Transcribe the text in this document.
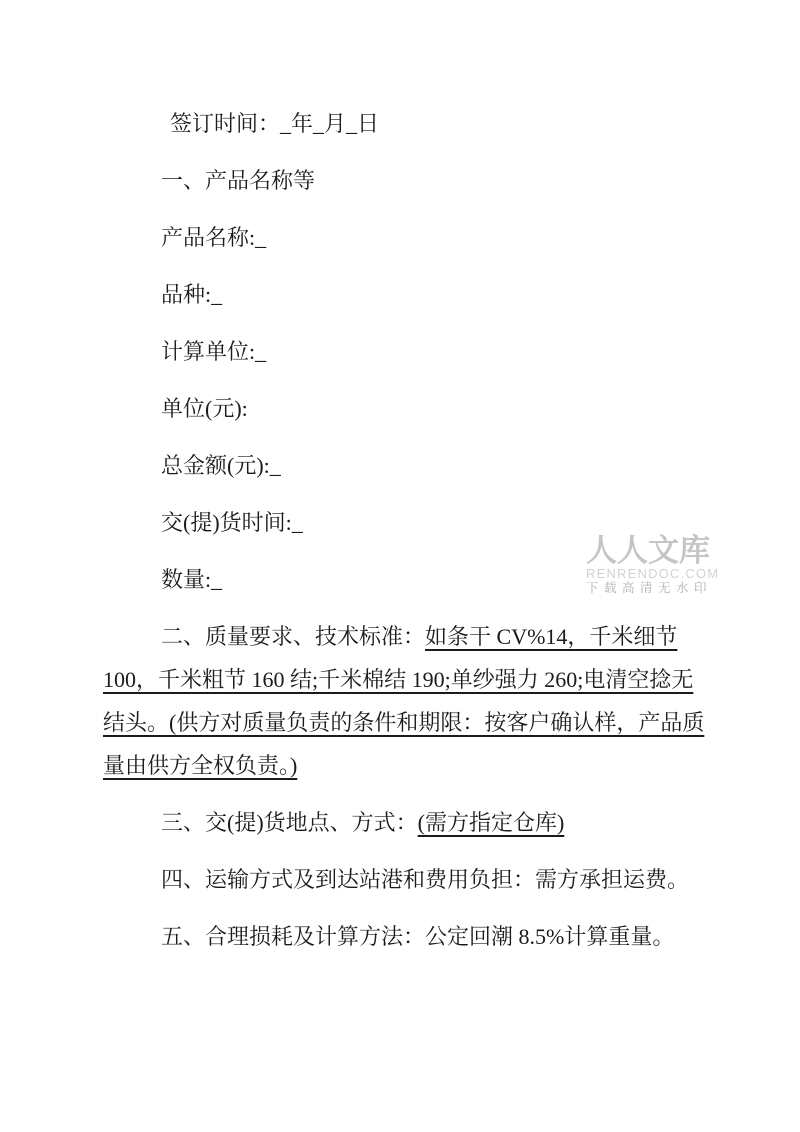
人人文库
RENRENDOC.COM
下载高清无水印

签订时间：_年_月_日

一、产品名称等

产品名称:_

品种:_

计算单位:_

单位(元):

总金额(元):_

交(提)货时间:_

数量:_

二、质量要求、技术标准：如条干 CV%14，千米细节
100，千米粗节 160 结;千米棉结 190;单纱强力 260;电清空捻无
结头。(供方对质量负责的条件和期限：按客户确认样，产品质
量由供方全权负责。)

三、交(提)货地点、方式：(需方指定仓库)

四、运输方式及到达站港和费用负担：需方承担运费。

五、合理损耗及计算方法：公定回潮 8.5%计算重量。
